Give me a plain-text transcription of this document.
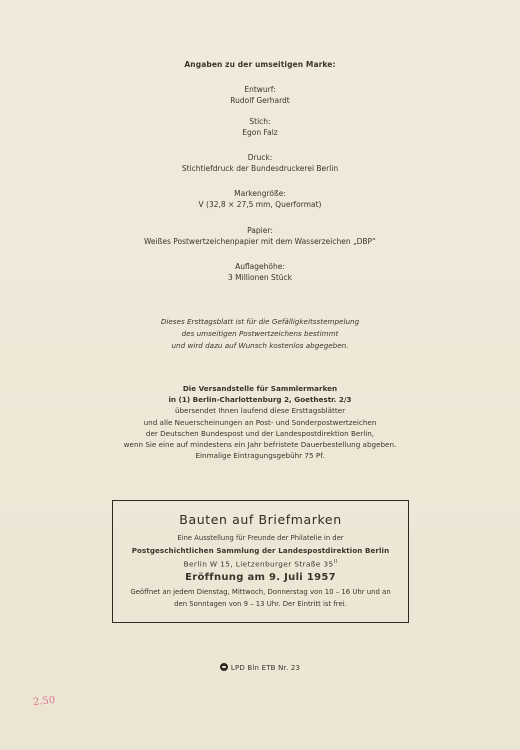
Angaben zu der umseitigen Marke:
Entwurf:
Rudolf Gerhardt
Stich:
Egon Falz
Druck:
Stichtiefdruck der Bundesdruckerei Berlin
Markengröße:
V (32,8 × 27,5 mm, Querformat)
Papier:
Weißes Postwertzeichenpapier mit dem Wasserzeichen „DBP“
Auflagehöhe:
3 Millionen Stück
Dieses Ersttagsblatt ist für die Gefälligkeitsstempelung
des umseitigen Postwertzeichens bestimmt
und wird dazu auf Wunsch kostenlos abgegeben.
Die Versandstelle für Sammlermarken
in (1) Berlin-Charlottenburg 2, Goethestr. 2/3
übersendet Ihnen laufend diese Ersttagsblätter
und alle Neuerscheinungen an Post- und Sonderpostwertzeichen
der Deutschen Bundespost und der Landespostdirektion Berlin,
wenn Sie eine auf mindestens ein Jahr befristete Dauerbestellung abgeben.
Einmalige Eintragungsgebühr 75 Pf.
Bauten auf Briefmarken
Eine Ausstellung für Freunde der Philatelie in der
Postgeschichtlichen Sammlung der Landespostdirektion Berlin
Berlin W 15, Lietzenburger Straße $35^{II}$
Eröffnung am 9. Juli 1957
Geöffnet an jedem Dienstag, Mittwoch, Donnerstag von 10 – 16 Uhr und an
den Sonntagen von 9 – 13 Uhr. Der Eintritt ist frei.
LPD Bln ETB Nr. 23
2.50
